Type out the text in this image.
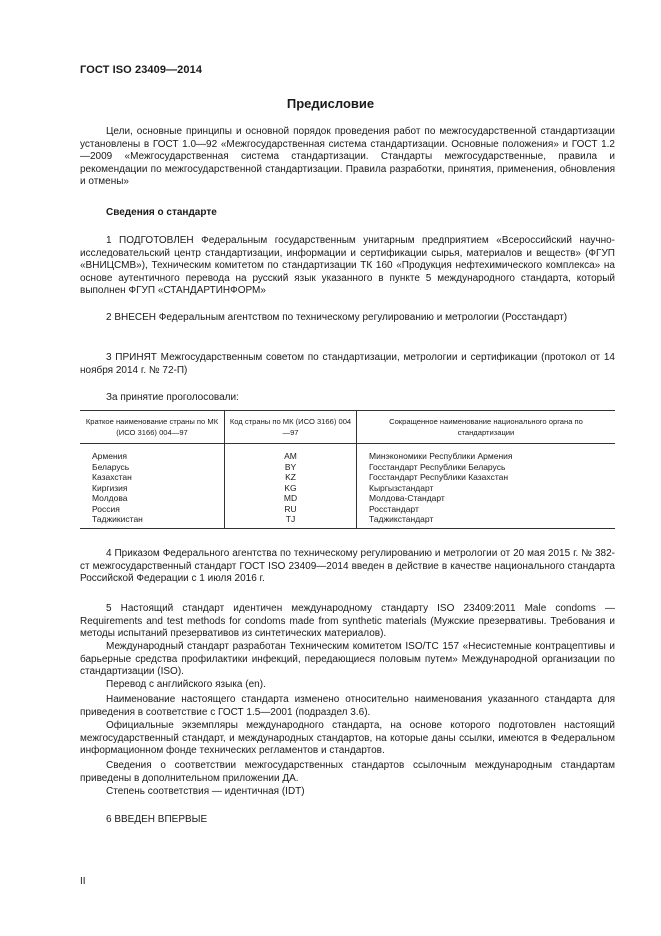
ГОСТ ISO 23409—2014
Предисловие

Цели, основные принципы и основной порядок проведения работ по межгосударственной стандартизации установлены в ГОСТ 1.0—92 «Межгосударственная система стандартизации. Основные положения» и ГОСТ 1.2—2009 «Межгосударственная система стандартизации. Стандарты межгосударственные, правила и рекомендации по межгосударственной стандартизации. Правила разработки, принятия, применения, обновления и отмены»

Сведения о стандарте

1 ПОДГОТОВЛЕН Федеральным государственным унитарным предприятием «Всероссийский научно-исследовательский центр стандартизации, информации и сертификации сырья, материалов и веществ» (ФГУП «ВНИЦСМВ»), Техническим комитетом по стандартизации ТК 160 «Продукция нефтехимического комплекса» на основе аутентичного перевода на русский язык указанного в пункте 5 международного стандарта, который выполнен ФГУП «СТАНДАРТИНФОРМ»

2 ВНЕСЕН Федеральным агентством по техническому регулированию и метрологии (Росстандарт)

3 ПРИНЯТ Межгосударственным советом по стандартизации, метрологии и сертификации (протокол от 14 ноября 2014 г. № 72-П)

За принятие проголосовали:

Краткое наименование страны по МК (ИСО 3166) 004—97	Код страны по МК (ИСО 3166) 004—97	Сокращенное наименование национального органа по стандартизации
Армения	AM	Минэкономики Республики Армения
Беларусь	BY	Госстандарт Республики Беларусь
Казахстан	KZ	Госстандарт Республики Казахстан
Киргизия	KG	Кыргызстандарт
Молдова	MD	Молдова-Стандарт
Россия	RU	Росстандарт
Таджикистан	TJ	Таджикстандарт

4 Приказом Федерального агентства по техническому регулированию и метрологии от 20 мая 2015 г. № 382-ст межгосударственный стандарт ГОСТ ISO 23409—2014 введен в действие в качестве национального стандарта Российской Федерации с 1 июля 2016 г.

5 Настоящий стандарт идентичен международному стандарту ISO 23409:2011 Male condoms — Requirements and test methods for condoms made from synthetic materials (Мужские презервативы. Требования и методы испытаний презервативов из синтетических материалов).

Международный стандарт разработан Техническим комитетом ISO/TC 157 «Несистемные контрацептивы и барьерные средства профилактики инфекций, передающиеся половым путем» Международной организации по стандартизации (ISO).

Перевод с английского языка (en).

Наименование настоящего стандарта изменено относительно наименования указанного стандарта для приведения в соответствие с ГОСТ 1.5—2001 (подраздел 3.6).

Официальные экземпляры международного стандарта, на основе которого подготовлен настоящий межгосударственный стандарт, и международных стандартов, на которые даны ссылки, имеются в Федеральном информационном фонде технических регламентов и стандартов.

Сведения о соответствии межгосударственных стандартов ссылочным международным стандартам приведены в дополнительном приложении ДА.

Степень соответствия — идентичная (IDT)

6 ВВЕДЕН ВПЕРВЫЕ

II
